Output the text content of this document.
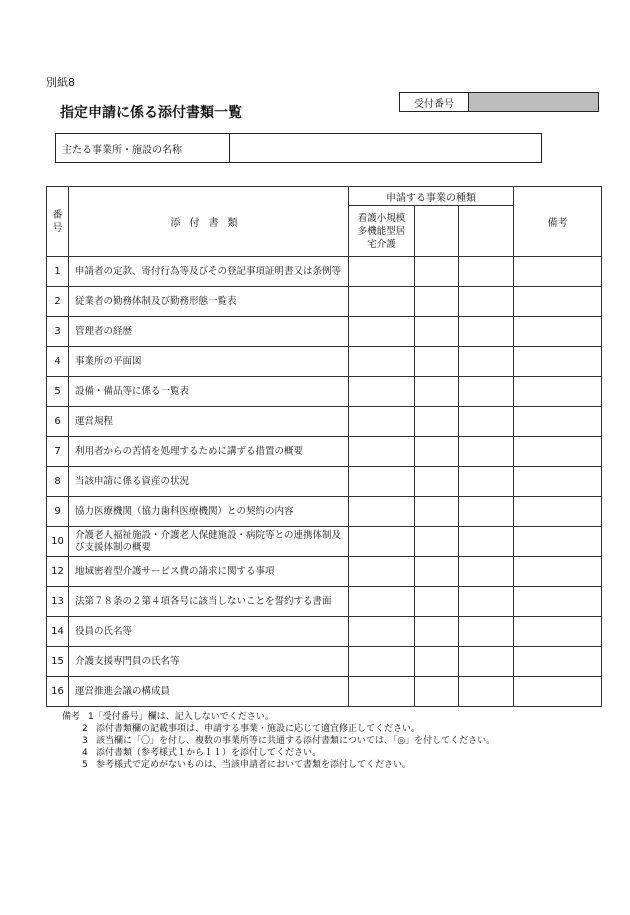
別紙8
指定申請に係る添付書類一覧
受付番号
主たる事業所・施設の名称
番
号	添付書類	申請する事業の種類			備考
		看護小規模
多機能型居
宅介護			
1	申請者の定款、寄付行為等及びその登記事項証明書又は条例等				
2	従業者の勤務体制及び勤務形態一覧表				
3	管理者の経歴				
4	事業所の平面図				
5	設備・備品等に係る一覧表				
6	運営規程				
7	利用者からの苦情を処理するために講ずる措置の概要				
8	当該申請に係る資産の状況				
9	協力医療機関（協力歯科医療機関）との契約の内容				
10	介護老人福祉施設・介護老人保健施設・病院等との連携体制及び支援体制の概要				
12	地域密着型介護サービス費の請求に関する事項				
13	法第７８条の２第４項各号に該当しないことを誓約する書面				
14	役員の氏名等				
15	介護支援専門員の氏名等				
16	運営推進会議の構成員				
備考 1「受付番号」欄は、記入しないでください。
2 添付書類欄の記載事項は、申請する事業・施設に応じて適宜修正してください。
3 該当欄に「〇」を付し、複数の事業所等に共通する添付書類については、「◎」を付してください。
4 添付書類（参考様式１から１１）を添付してください。
5 参考様式で定めがないものは、当該申請者において書類を添付してください。
